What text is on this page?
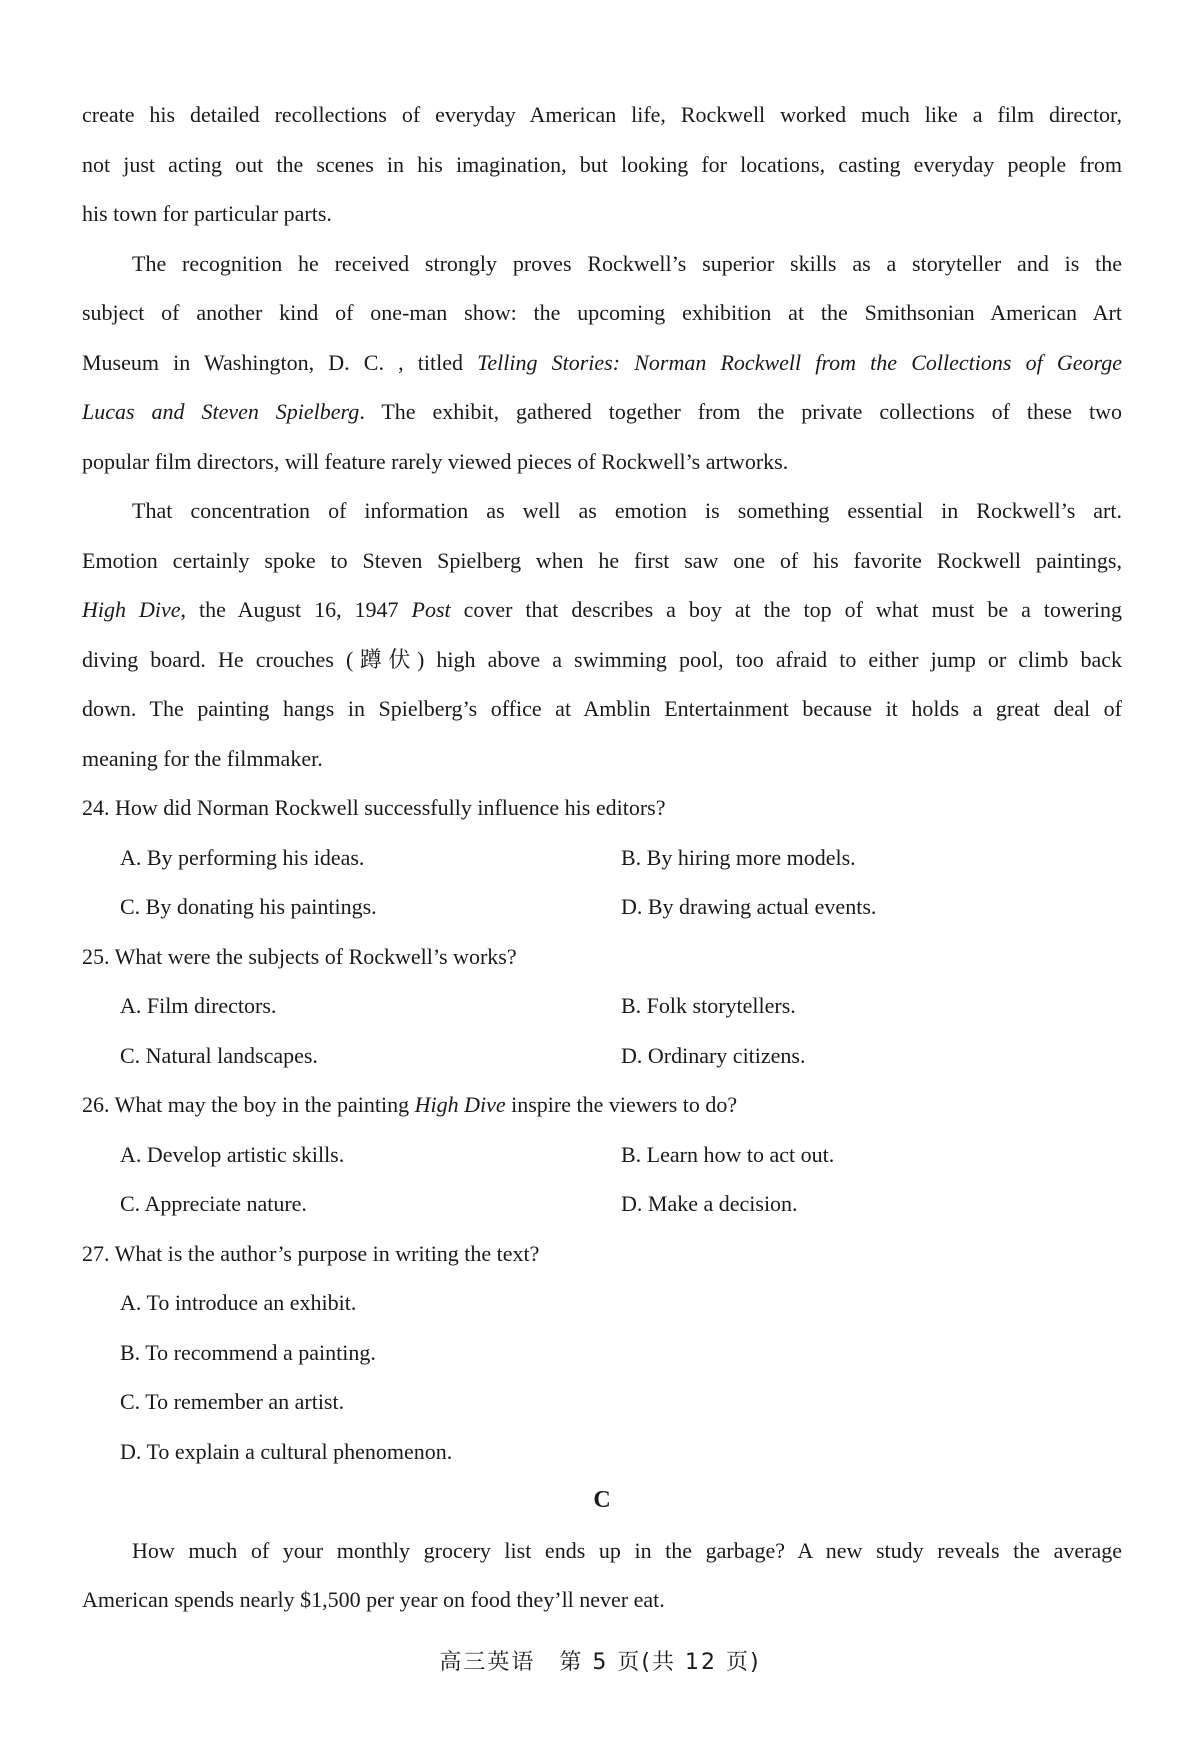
create his detailed recollections of everyday American life, Rockwell worked much like a film director,

not just acting out the scenes in his imagination, but looking for locations, casting everyday people from

his town for particular parts.

The recognition he received strongly proves Rockwell’s superior skills as a storyteller and is the

subject of another kind of one-man show: the upcoming exhibition at the Smithsonian American Art

Museum in Washington, D. C. , titled Telling Stories: Norman Rockwell from the Collections of George

Lucas and Steven Spielberg. The exhibit, gathered together from the private collections of these two

popular film directors, will feature rarely viewed pieces of Rockwell’s artworks.

That concentration of information as well as emotion is something essential in Rockwell’s art.

Emotion certainly spoke to Steven Spielberg when he first saw one of his favorite Rockwell paintings,

High Dive, the August 16, 1947 Post cover that describes a boy at the top of what must be a towering

diving board. He crouches (蹲伏) high above a swimming pool, too afraid to either jump or climb back

down. The painting hangs in Spielberg’s office at Amblin Entertainment because it holds a great deal of

meaning for the filmmaker.

24. How did Norman Rockwell successfully influence his editors?

A. By performing his ideas.	B. By hiring more models.
C. By donating his paintings.	D. By drawing actual events.

25. What were the subjects of Rockwell’s works?

A. Film directors.	B. Folk storytellers.
C. Natural landscapes.	D. Ordinary citizens.

26. What may the boy in the painting High Dive inspire the viewers to do?

A. Develop artistic skills.	B. Learn how to act out.
C. Appreciate nature.	D. Make a decision.

27. What is the author’s purpose in writing the text?

A. To introduce an exhibit.
B. To recommend a painting.
C. To remember an artist.
D. To explain a cultural phenomenon.

C

How much of your monthly grocery list ends up in the garbage? A new study reveals the average

American spends nearly $1,500 per year on food they’ll never eat.

高三英语　第 5 页(共 12 页)
